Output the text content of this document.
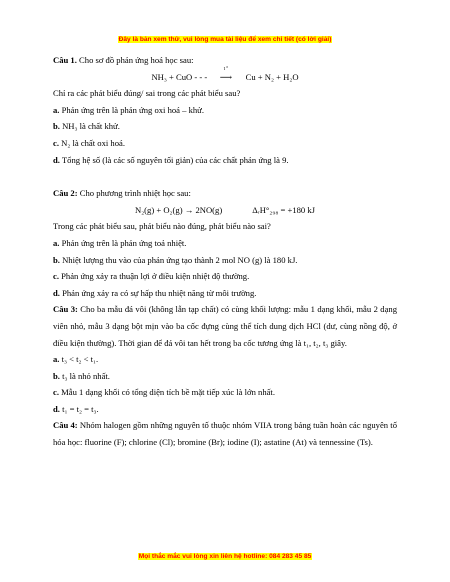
Đây là bản xem thử, vui lòng mua tài liệu để xem chi tiết (có lời giải)

Câu 1. Cho sơ đồ phản ứng hoá học sau:

NH₃ + CuO - - -
t°
⟶ Cu + N₂ + H₂O

Chỉ ra các phát biểu đúng/ sai trong các phát biểu sau?

a. Phản ứng trên là phản ứng oxi hoá – khử.

b. NH₃ là chất khử.

c. N₂ là chất oxi hoá.

d. Tổng hệ số (là các số nguyên tối giản) của các chất phản ứng là 9.

Câu 2: Cho phương trình nhiệt học sau:

N₂(g) + O₂(g) → 2NO(g)	ΔᵣH°₂₉₈ = +180 kJ

Trong các phát biểu sau, phát biểu nào đúng, phát biểu nào sai?

a. Phản ứng trên là phản ứng toả nhiệt.

b. Nhiệt lượng thu vào của phản ứng tạo thành 2 mol NO (g) là 180 kJ.

c. Phản ứng xảy ra thuận lợi ở điều kiện nhiệt độ thường.

d. Phản ứng xảy ra có sự hấp thu nhiệt năng từ môi trường.

Câu 3: Cho ba mẫu đá vôi (không lẫn tạp chất) có cùng khối lượng: mẫu 1 dạng khối, mẫu 2 dạng viên nhỏ, mẫu 3 dạng bột mịn vào ba cốc đựng cùng thể tích dung dịch HCl (dư, cùng nồng độ, ở điều kiện thường). Thời gian để đá vôi tan hết trong ba cốc tương ứng là t₁, t₂, t₃ giây.

a. t₃ < t₂ < t₁.

b. t₃ là nhỏ nhất.

c. Mẫu 1 dạng khối có tổng diện tích bề mặt tiếp xúc là lớn nhất.

d. t₁ = t₂ = t₃.

Câu 4: Nhóm halogen gồm những nguyên tố thuộc nhóm VIIA trong bảng tuần hoàn các nguyên tố hóa học: fluorine (F); chlorine (Cl); bromine (Br); iodine (I); astatine (At) và tennessine (Ts).

Mọi thắc mắc vui lòng xin liên hệ hotline: 084 283 45 85
